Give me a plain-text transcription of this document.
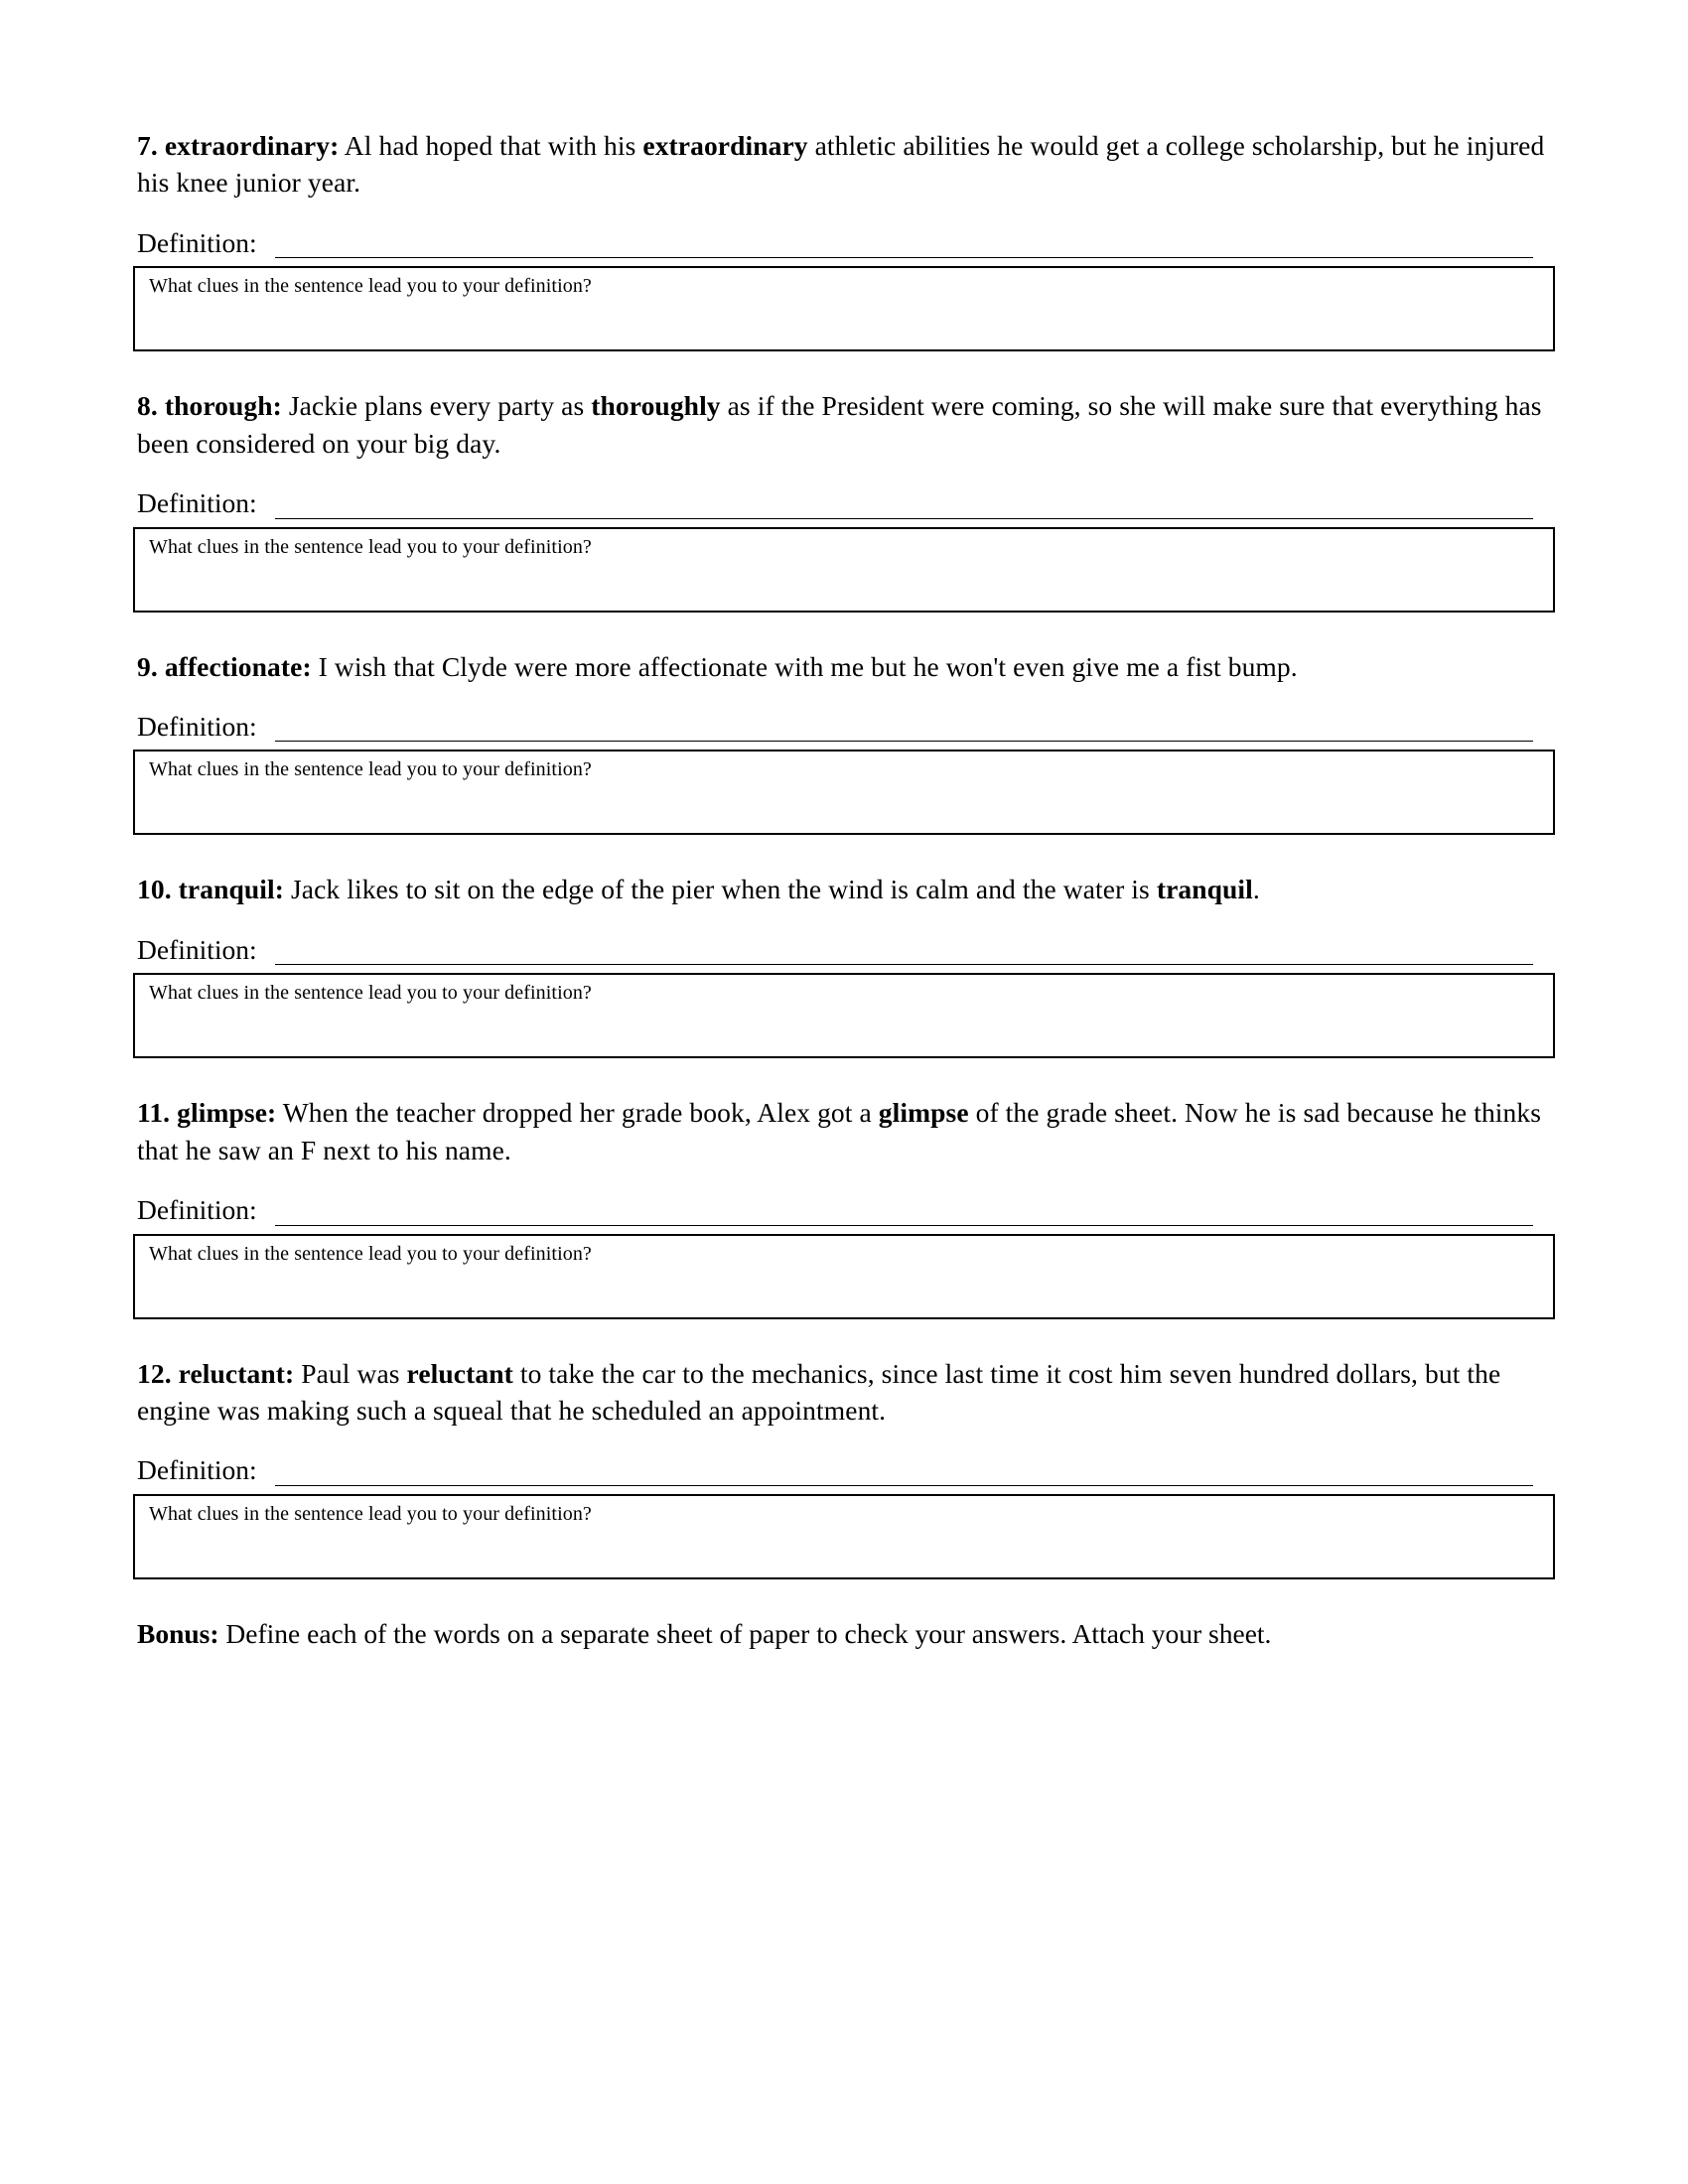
7. extraordinary: Al had hoped that with his extraordinary athletic abilities he would get a college scholarship, but he injured his knee junior year.

Definition:
What clues in the sentence lead you to your definition?

8. thorough: Jackie plans every party as thoroughly as if the President were coming, so she will make sure that everything has been considered on your big day.

Definition:
What clues in the sentence lead you to your definition?

9. affectionate: I wish that Clyde were more affectionate with me but he won't even give me a fist bump.

Definition:
What clues in the sentence lead you to your definition?

10. tranquil: Jack likes to sit on the edge of the pier when the wind is calm and the water is tranquil.

Definition:
What clues in the sentence lead you to your definition?

11. glimpse: When the teacher dropped her grade book, Alex got a glimpse of the grade sheet. Now he is sad because he thinks that he saw an F next to his name.

Definition:
What clues in the sentence lead you to your definition?

12. reluctant: Paul was reluctant to take the car to the mechanics, since last time it cost him seven hundred dollars, but the engine was making such a squeal that he scheduled an appointment.

Definition:
What clues in the sentence lead you to your definition?

Bonus: Define each of the words on a separate sheet of paper to check your answers. Attach your sheet.
